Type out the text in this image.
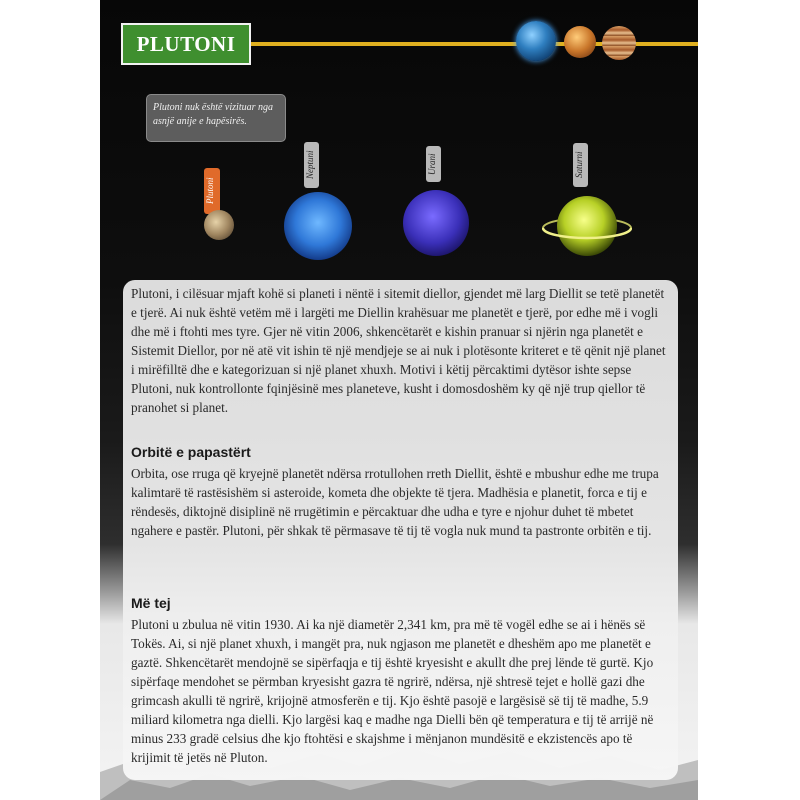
PLUTONI
Plutoni nuk është vizituar nga asnjë anije e hapësirës.
Plutoni
Neptuni	Urani	Saturni
Plutoni, i cilësuar mjaft kohë si planeti i nëntë i sitemit diellor, gjendet më larg Diellit se tetë planetët e tjerë. Ai nuk është vetëm më i largëti me Diellin krahësuar me planetët e tjerë, por edhe më i vogli dhe më i ftohti mes tyre. Gjer në vitin 2006, shkencëtarët e kishin pranuar si njërin nga planetët e Sistemit Diellor, por në atë vit ishin të një mendjeje se ai nuk i plotësonte kriteret e të qënit një planet i mirëfilltë dhe e kategorizuan si një planet xhuxh. Motivi i këtij përcaktimi dytësor ishte sepse Plutoni, nuk kontrollonte fqinjësinë mes planeteve, kusht i domosdoshëm ky që një trup qiellor të pranohet si planet.
Orbitë e papastërt
Orbita, ose rruga që kryejnë planetët ndërsa rrotullohen rreth Diellit, është e mbushur edhe me trupa kalimtarë të rastësishëm si asteroide, kometa dhe objekte të tjera. Madhësia e planetit, forca e tij e rëndesës, diktojnë disiplinë në rrugëtimin e përcaktuar dhe udha e tyre e njohur duhet të mbetet ngahere e pastër. Plutoni, për shkak të përmasave të tij të vogla nuk mund ta pastronte orbitën e tij.
Më tej
Plutoni u zbulua në vitin 1930. Ai ka një diametër 2,341 km, pra më të vogël edhe se ai i hënës së Tokës. Ai, si një planet xhuxh, i mangët pra, nuk ngjason me planetët e dheshëm apo me planetët e gaztë. Shkencëtarët mendojnë se sipërfaqja e tij është kryesisht e akullt dhe prej lënde të gurtë. Kjo sipërfaqe mendohet se përmban kryesisht gazra të ngrirë, ndërsa, një shtresë tejet e hollë gazi dhe grimcash akulli të ngrirë, krijojnë atmosferën e tij. Kjo është pasojë e largësisë së tij të madhe, 5.9 miliard kilometra nga dielli. Kjo largësi kaq e madhe nga Dielli bën që temperatura e tij të arrijë në minus 233 gradë celsius dhe kjo ftohtësi e skajshme i mënjanon mundësitë e ekzistencës apo të krijimit të jetës në Pluton.
